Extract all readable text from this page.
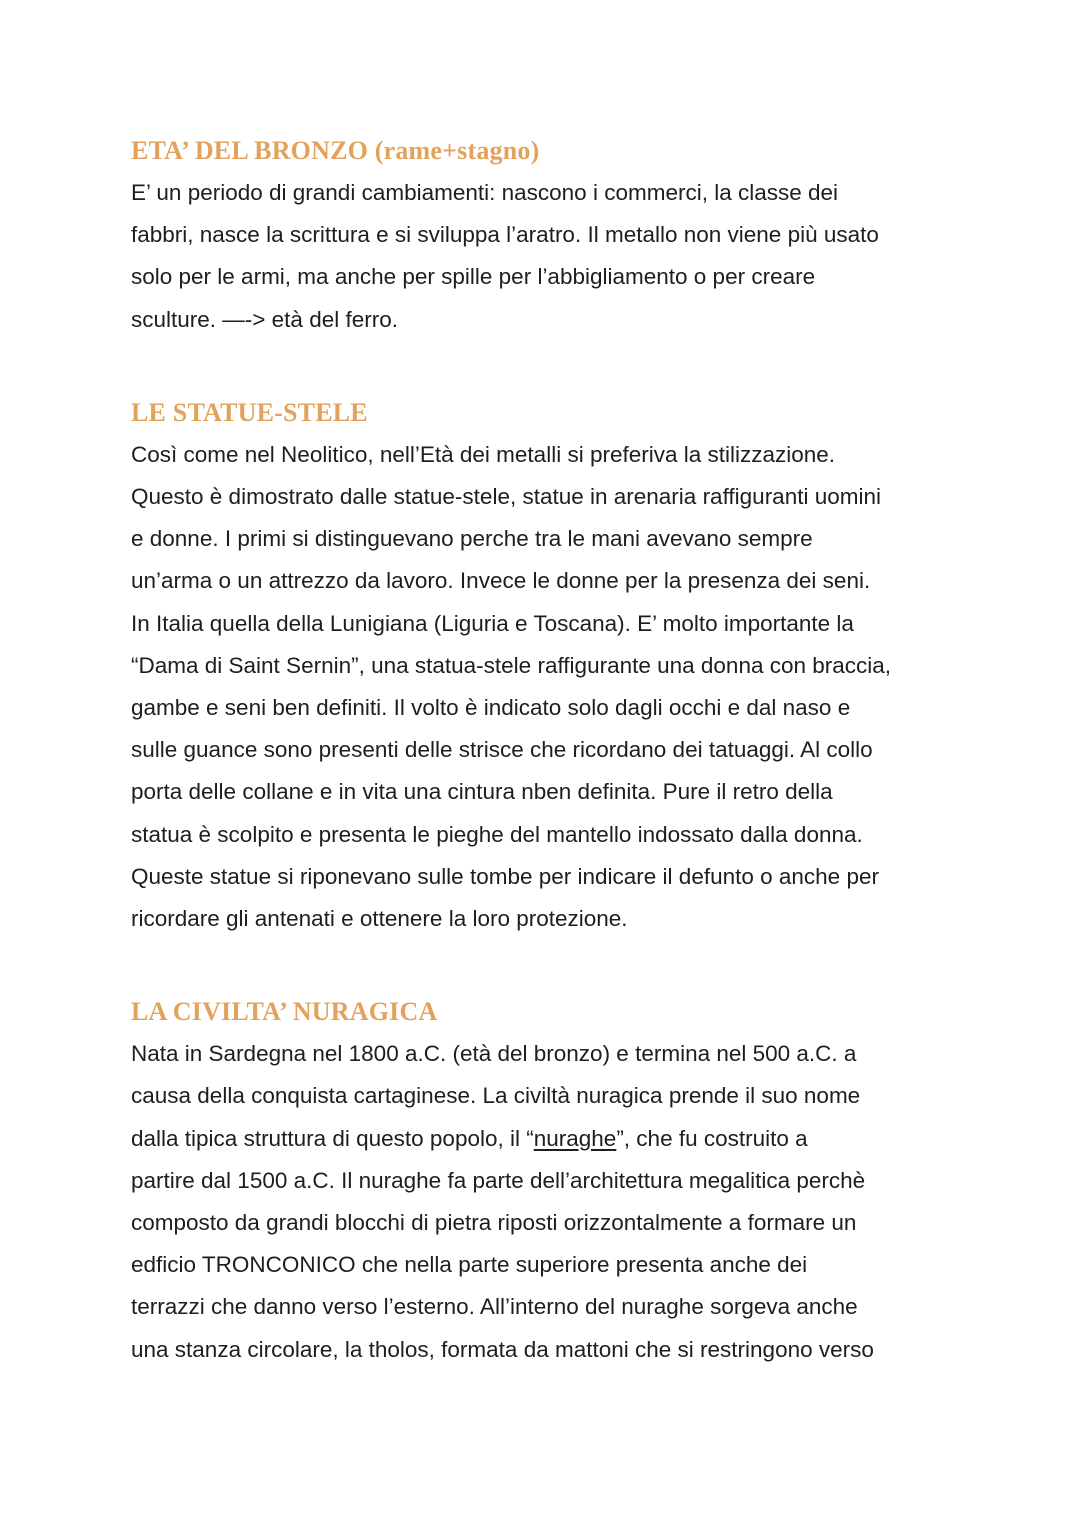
ETA’ DEL BRONZO (rame+stagno)

E’ un periodo di grandi cambiamenti: nascono i commerci, la classe dei
fabbri, nasce la scrittura e si sviluppa l’aratro. Il metallo non viene più usato
solo per le armi, ma anche per spille per l’abbigliamento o per creare
sculture. —-> età del ferro.

LE STATUE-STELE

Così come nel Neolitico, nell’Età dei metalli si preferiva la stilizzazione.
Questo è dimostrato dalle statue-stele, statue in arenaria raffiguranti uomini
e donne. I primi si distinguevano perche tra le mani avevano sempre
un’arma o un attrezzo da lavoro. Invece le donne per la presenza dei seni.
In Italia quella della Lunigiana (Liguria e Toscana). E’ molto importante la
“Dama di Saint Sernin”, una statua-stele raffigurante una donna con braccia,
gambe e seni ben definiti. Il volto è indicato solo dagli occhi e dal naso e
sulle guance sono presenti delle strisce che ricordano dei tatuaggi. Al collo
porta delle collane e in vita una cintura nben definita. Pure il retro della
statua è scolpito e presenta le pieghe del mantello indossato dalla donna.
Queste statue si riponevano sulle tombe per indicare il defunto o anche per
ricordare gli antenati e ottenere la loro protezione.

LA CIVILTA’ NURAGICA

Nata in Sardegna nel 1800 a.C. (età del bronzo) e termina nel 500 a.C. a
causa della conquista cartaginese. La civiltà nuragica prende il suo nome
dalla tipica struttura di questo popolo, il “nuraghe”, che fu costruito a
partire dal 1500 a.C. Il nuraghe fa parte dell’architettura megalitica perchè
composto da grandi blocchi di pietra riposti orizzontalmente a formare un
edficio TRONCONICO che nella parte superiore presenta anche dei
terrazzi che danno verso l’esterno. All’interno del nuraghe sorgeva anche
una stanza circolare, la tholos, formata da mattoni che si restringono verso
